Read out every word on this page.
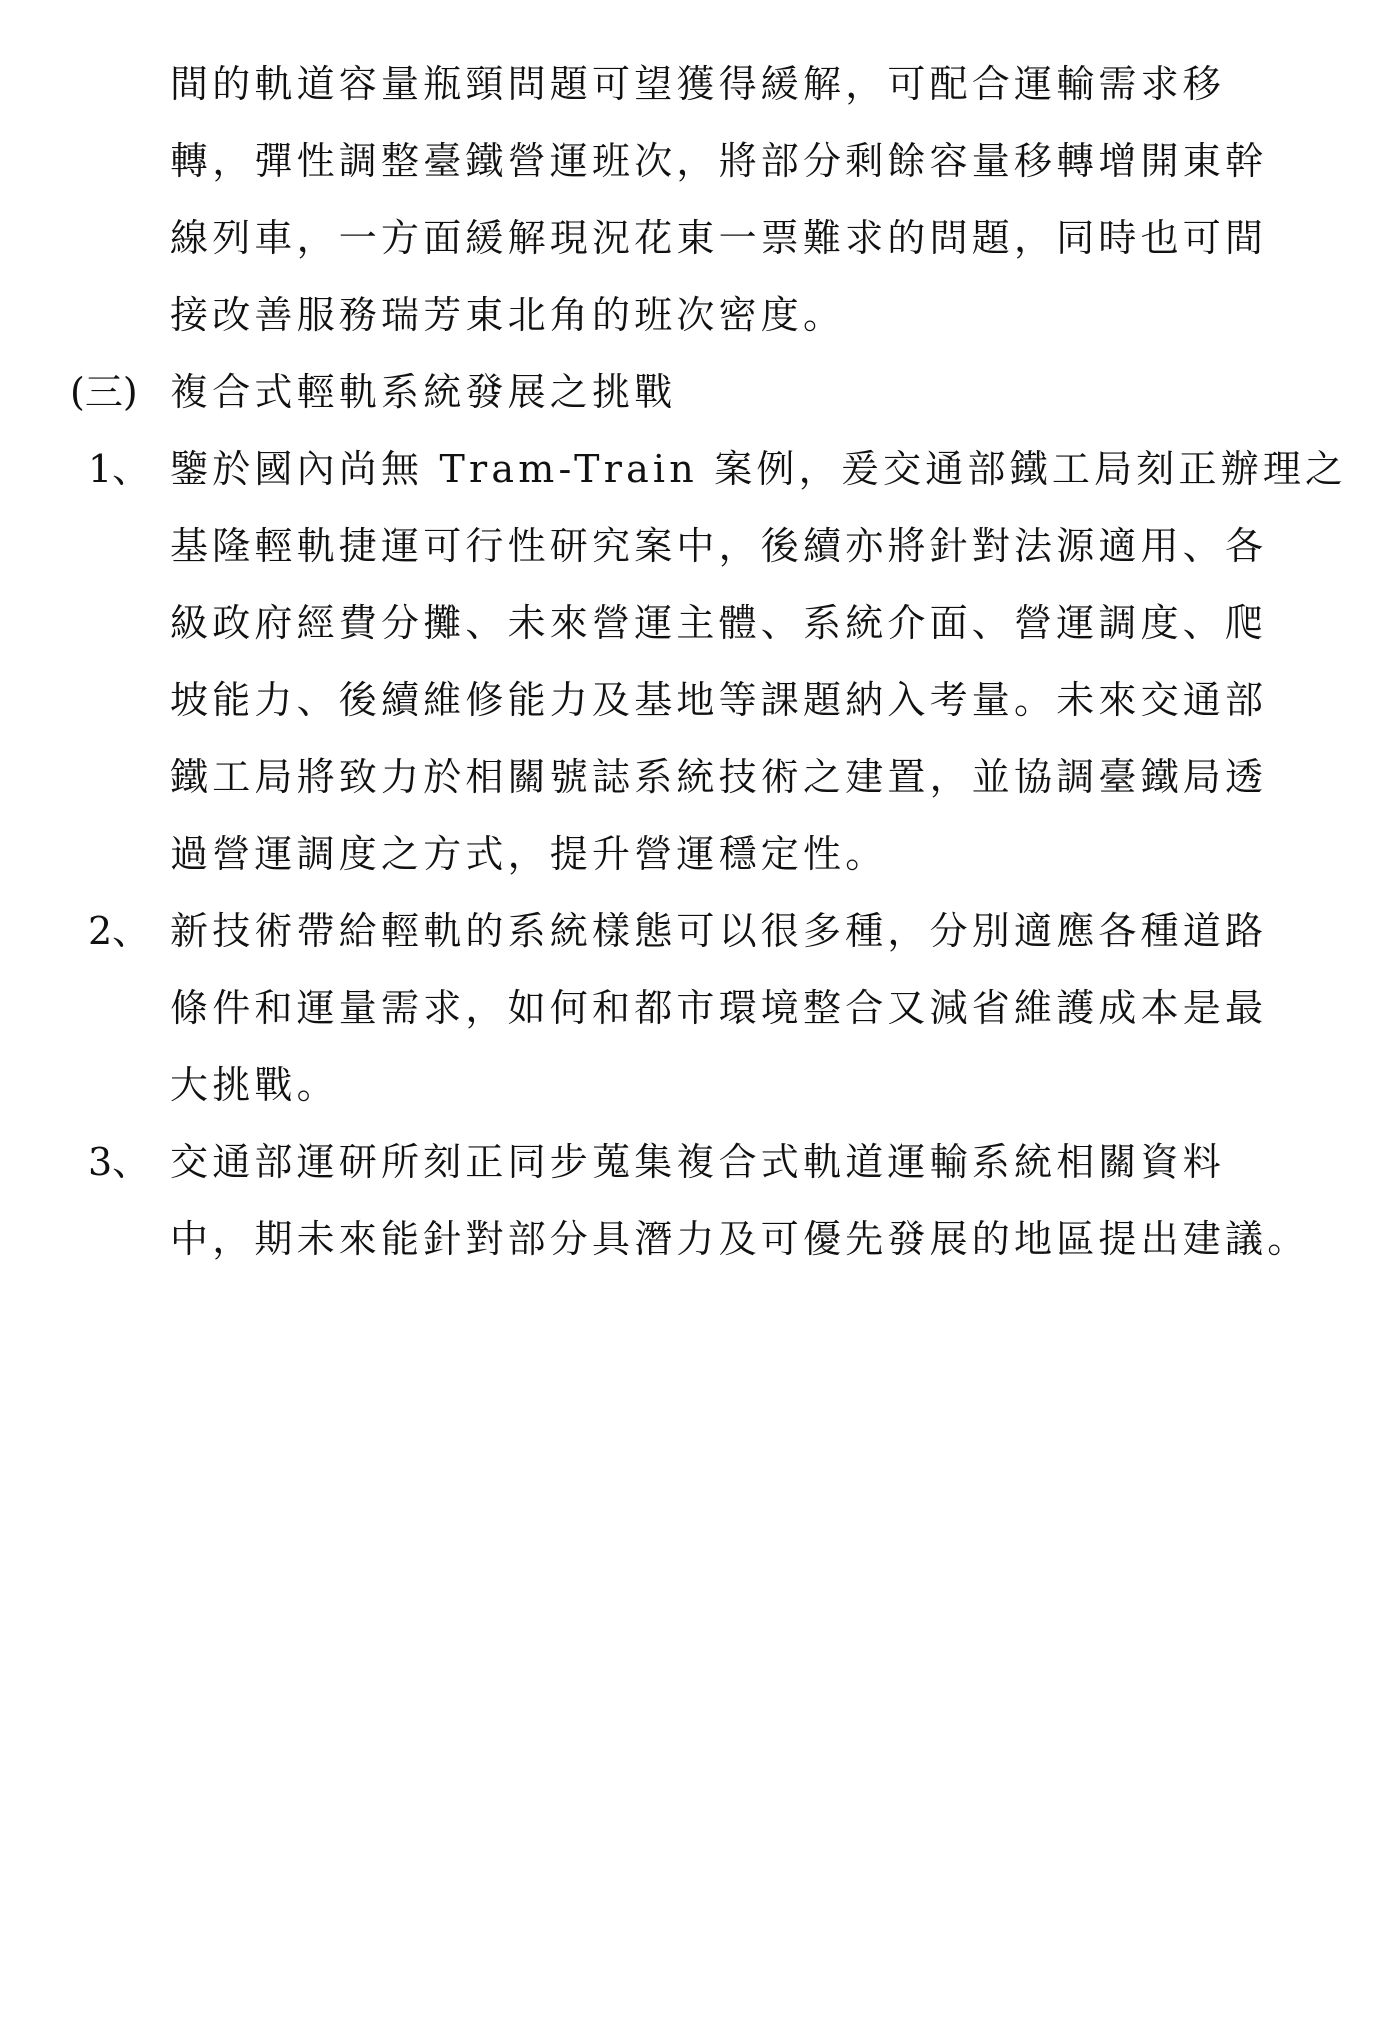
間的軌道容量瓶頸問題可望獲得緩解，可配合運輸需求移
轉，彈性調整臺鐵營運班次，將部分剩餘容量移轉增開東幹
線列車，一方面緩解現況花東一票難求的問題，同時也可間
接改善服務瑞芳東北角的班次密度。
(三) 複合式輕軌系統發展之挑戰
1、 鑒於國內尚無 Tram-Train 案例，爰交通部鐵工局刻正辦理之
基隆輕軌捷運可行性研究案中，後續亦將針對法源適用、各
級政府經費分攤、未來營運主體、系統介面、營運調度、爬
坡能力、後續維修能力及基地等課題納入考量。未來交通部
鐵工局將致力於相關號誌系統技術之建置，並協調臺鐵局透
過營運調度之方式，提升營運穩定性。
2、 新技術帶給輕軌的系統樣態可以很多種，分別適應各種道路
條件和運量需求，如何和都市環境整合又減省維護成本是最
大挑戰。
3、 交通部運研所刻正同步蒐集複合式軌道運輸系統相關資料
中，期未來能針對部分具潛力及可優先發展的地區提出建議。
